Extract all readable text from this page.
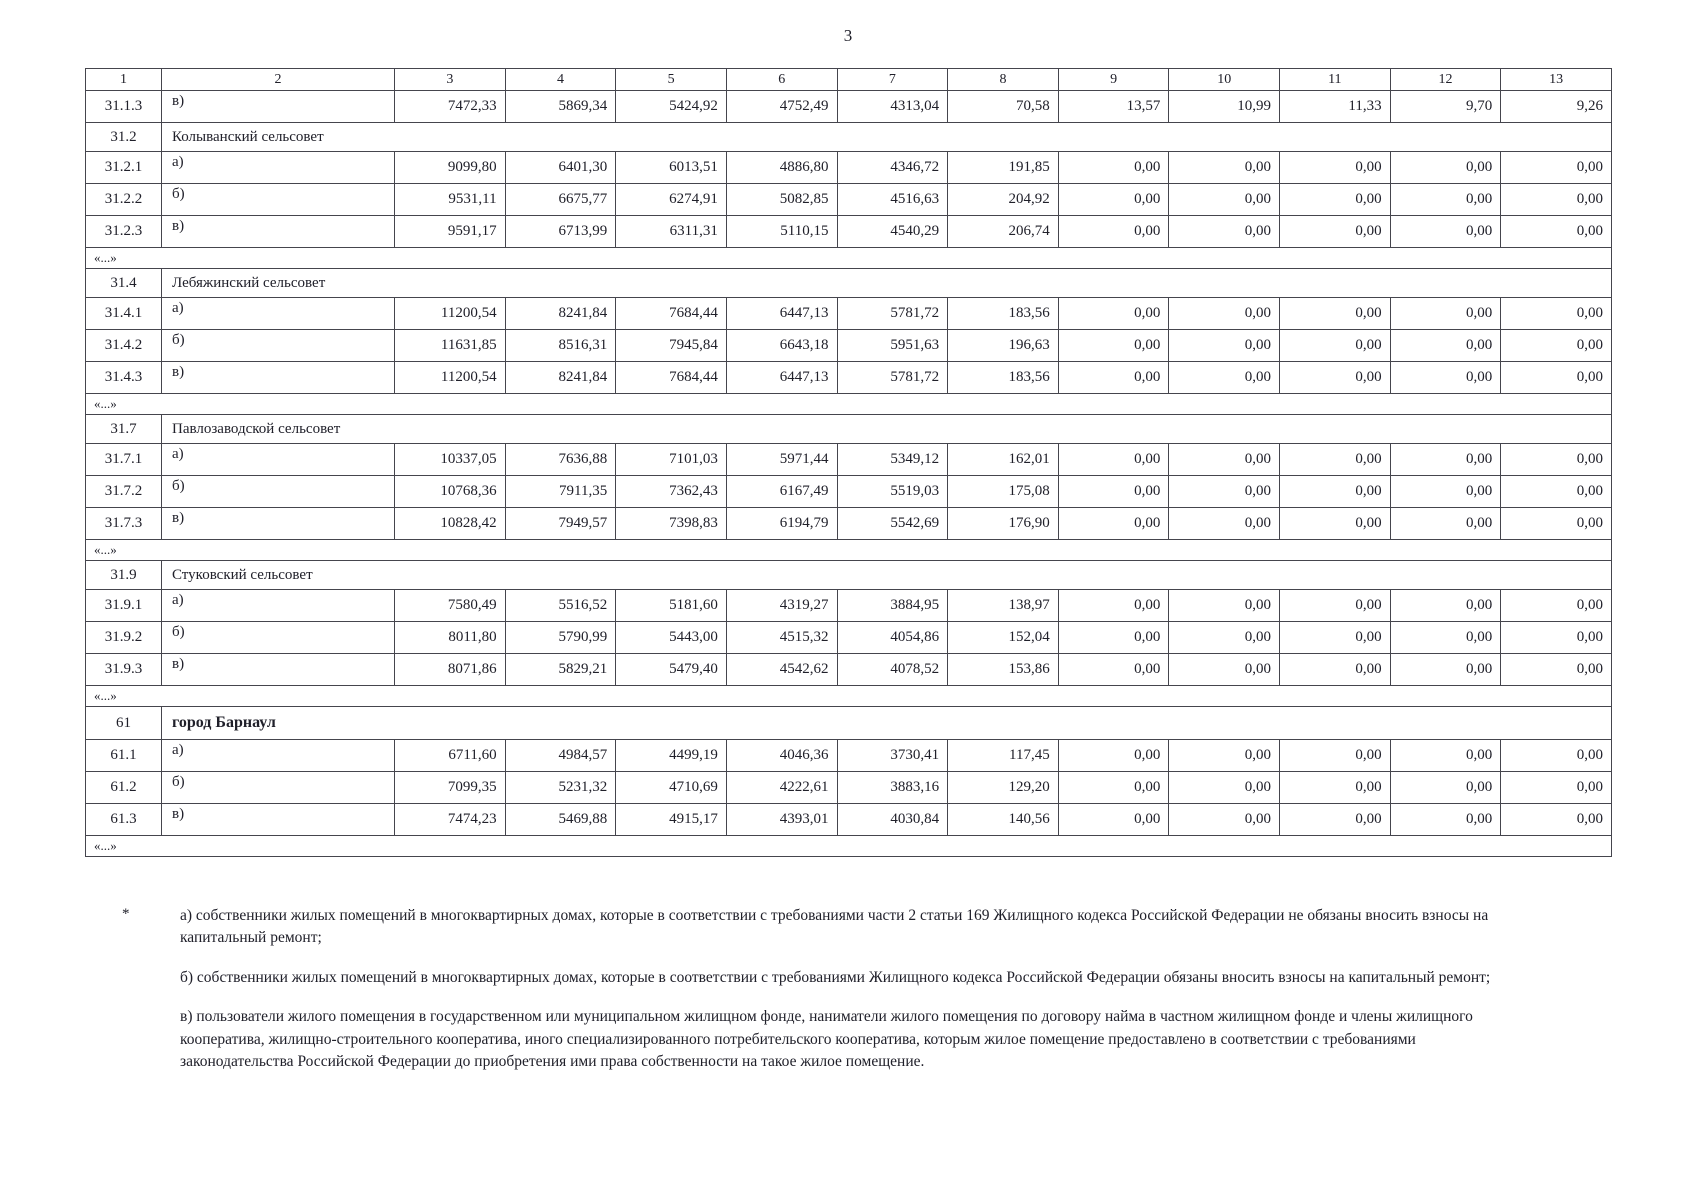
3
1	2	3	4	5	6	7	8	9	10	11	12	13
31.1.3	в)	7472,33	5869,34	5424,92	4752,49	4313,04	70,58	13,57	10,99	11,33	9,70	9,26
31.2	Колыванский сельсовет											
31.2.1	а)	9099,80	6401,30	6013,51	4886,80	4346,72	191,85	0,00	0,00	0,00	0,00	0,00
31.2.2	б)	9531,11	6675,77	6274,91	5082,85	4516,63	204,92	0,00	0,00	0,00	0,00	0,00
31.2.3	в)	9591,17	6713,99	6311,31	5110,15	4540,29	206,74	0,00	0,00	0,00	0,00	0,00
«...»												
31.4	Лебяжинский сельсовет											
31.4.1	а)	11200,54	8241,84	7684,44	6447,13	5781,72	183,56	0,00	0,00	0,00	0,00	0,00
31.4.2	б)	11631,85	8516,31	7945,84	6643,18	5951,63	196,63	0,00	0,00	0,00	0,00	0,00
31.4.3	в)	11200,54	8241,84	7684,44	6447,13	5781,72	183,56	0,00	0,00	0,00	0,00	0,00
«...»												
31.7	Павлозаводской сельсовет											
31.7.1	а)	10337,05	7636,88	7101,03	5971,44	5349,12	162,01	0,00	0,00	0,00	0,00	0,00
31.7.2	б)	10768,36	7911,35	7362,43	6167,49	5519,03	175,08	0,00	0,00	0,00	0,00	0,00
31.7.3	в)	10828,42	7949,57	7398,83	6194,79	5542,69	176,90	0,00	0,00	0,00	0,00	0,00
«...»												
31.9	Стуковский сельсовет											
31.9.1	а)	7580,49	5516,52	5181,60	4319,27	3884,95	138,97	0,00	0,00	0,00	0,00	0,00
31.9.2	б)	8011,80	5790,99	5443,00	4515,32	4054,86	152,04	0,00	0,00	0,00	0,00	0,00
31.9.3	в)	8071,86	5829,21	5479,40	4542,62	4078,52	153,86	0,00	0,00	0,00	0,00	0,00
«...»												
61	город Барнаул											
61.1	а)	6711,60	4984,57	4499,19	4046,36	3730,41	117,45	0,00	0,00	0,00	0,00	0,00
61.2	б)	7099,35	5231,32	4710,69	4222,61	3883,16	129,20	0,00	0,00	0,00	0,00	0,00
61.3	в)	7474,23	5469,88	4915,17	4393,01	4030,84	140,56	0,00	0,00	0,00	0,00	0,00
«...»												
*	а) собственники жилых помещений в многоквартирных домах, которые в соответствии с требованиями части 2 статьи 169 Жилищного кодекса Российской Федерации не обязаны вносить взносы на капитальный ремонт;

б) собственники жилых помещений в многоквартирных домах, которые в соответствии с требованиями Жилищного кодекса Российской Федерации обязаны вносить взносы на капитальный ремонт;

в) пользователи жилого помещения в государственном или муниципальном жилищном фонде, наниматели жилого помещения по договору найма в частном жилищном фонде и члены жилищного кооператива, жилищно-строительного кооператива, иного специализированного потребительского кооператива, которым жилое помещение предоставлено в соответствии с требованиями законодательства Российской Федерации до приобретения ими права собственности на такое жилое помещение.
